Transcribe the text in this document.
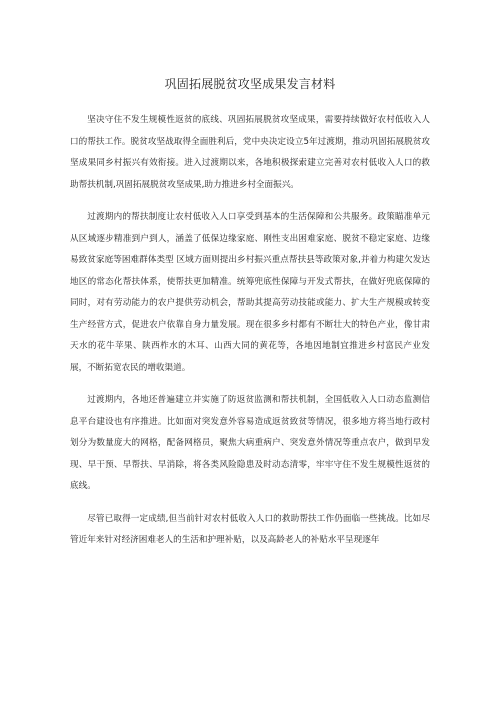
巩固拓展脱贫攻坚成果发言材料

坚决守住不发生规模性返贫的底线、巩固拓展脱贫攻坚成果，需要持续做好农村低收入人口的帮扶工作。脱贫攻坚战取得全面胜利后，党中央决定设立5年过渡期，推动巩固拓展脱贫攻坚成果同乡村振兴有效衔接。进入过渡期以来，各地积极探索建立完善对农村低收入人口的救助帮扶机制,巩固拓展脱贫攻坚成果,助力推进乡村全面振兴。

过渡期内的帮扶制度让农村低收入人口享受到基本的生活保障和公共服务。政策瞄准单元从区域逐步精准到户到人，涵盖了低保边缘家庭、刚性支出困难家庭、脱贫不稳定家庭、边缘易致贫家庭等困难群体类型 区域方面则提出乡村振兴重点帮扶县等政策对象,并着力构建欠发达地区的常态化帮扶体系，使帮扶更加精准。统筹兜底性保障与开发式帮扶，在做好兜底保障的同时，对有劳动能力的农户提供劳动机会，帮助其提高劳动技能或能力、扩大生产规模或转变生产经营方式，促进农户依靠自身力量发展。现在很多乡村都有不断壮大的特色产业，像甘肃天水的花牛苹果、陕西柞水的木耳、山西大同的黄花等，各地因地制宜推进乡村富民产业发展，不断拓宽农民的增收渠道。

过渡期内，各地还普遍建立并实施了防返贫监测和帮扶机制，全国低收入人口动态监测信息平台建设也有序推进。比如面对突发意外容易造成返贫致贫等情况，很多地方将当地行政村划分为数量庞大的网格，配备网格员，聚焦大病重病户、突发意外情况等重点农户，做到早发现、早干预、早帮扶、早消除，将各类风险隐患及时动态清零，牢牢守住不发生规模性返贫的底线。

尽管已取得一定成绩,但当前针对农村低收入人口的救助帮扶工作仍面临一些挑战。比如尽管近年来针对经济困难老人的生活和护理补贴，以及高龄老人的补贴水平呈现逐年
